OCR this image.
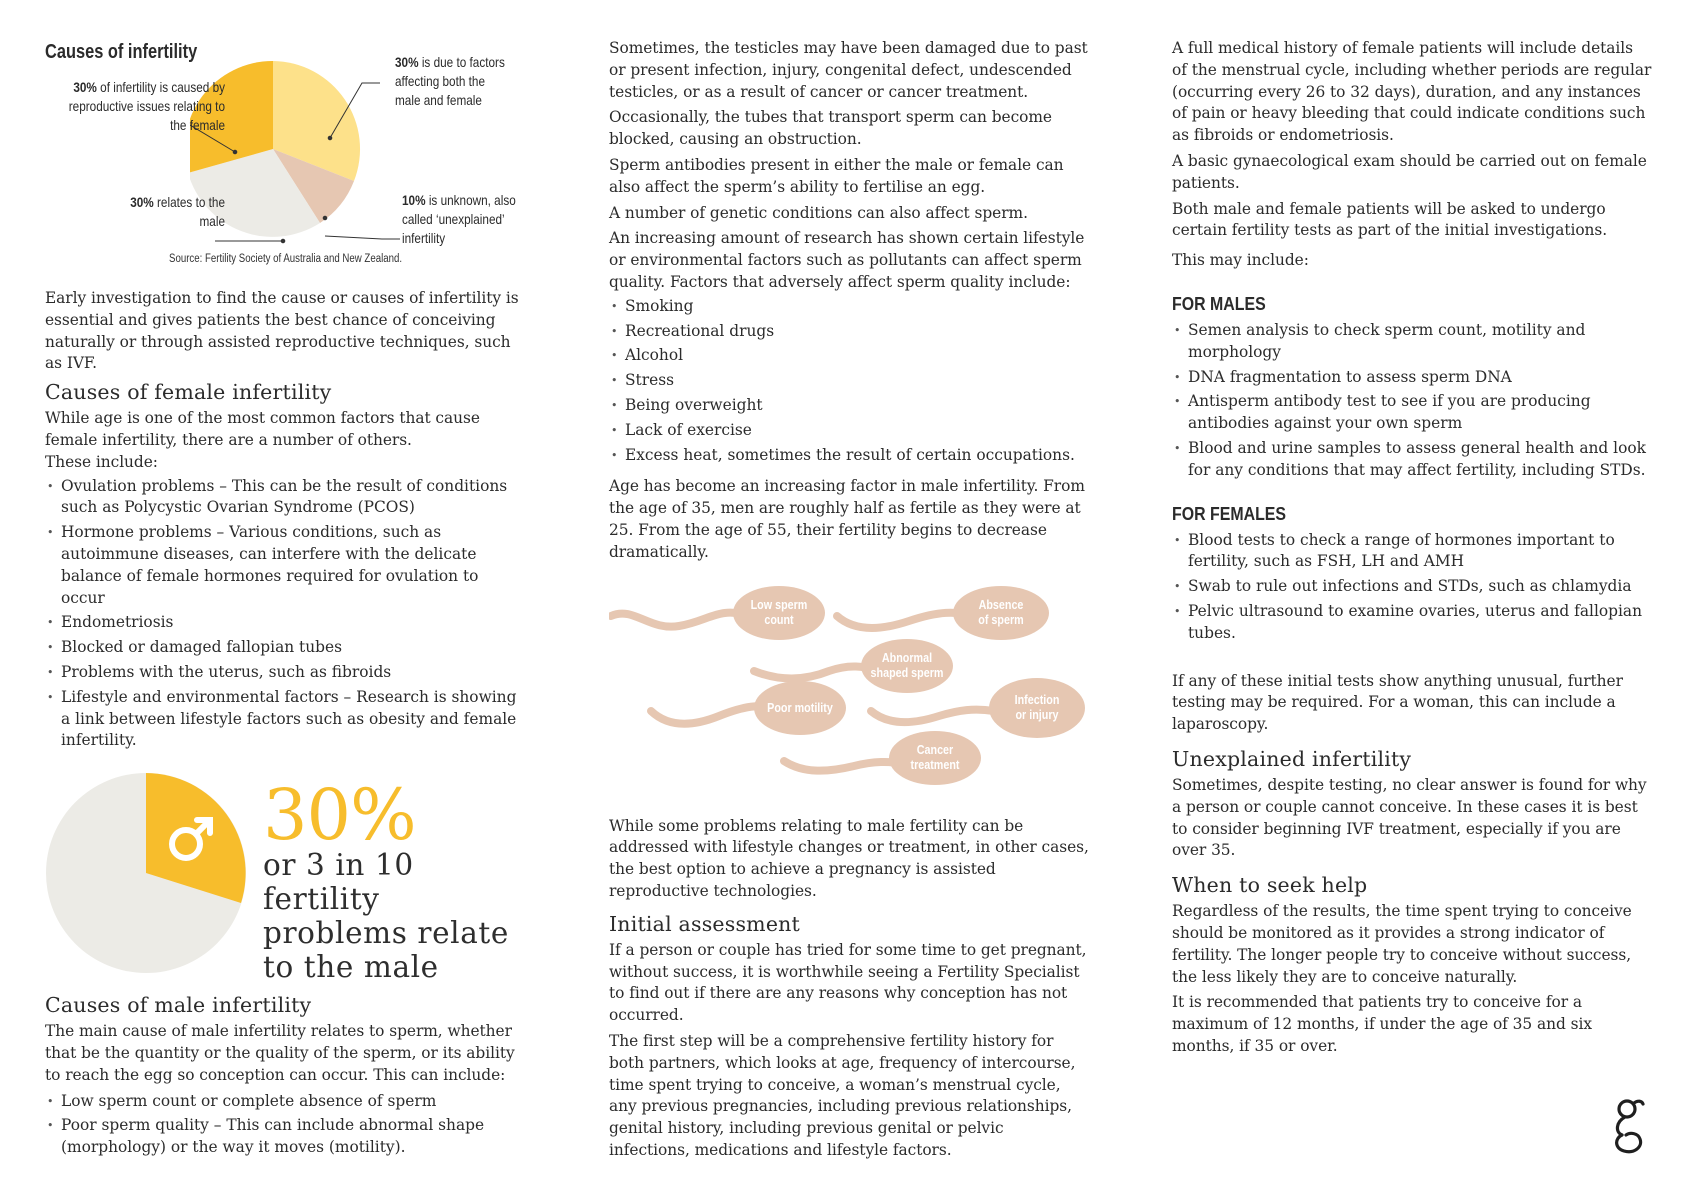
Causes of infertility
30% of infertility is caused by reproductive issues relating to the female
30% is due to factors affecting both the male and female
30% relates to the male
10% is unknown, also called ‘unexplained’ infertility
Source: Fertility Society of Australia and New Zealand.

Early investigation to find the cause or causes of infertility is essential and gives patients the best chance of conceiving naturally or through assisted reproductive techniques, such as IVF.

Causes of female infertility

While age is one of the most common factors that cause female infertility, there are a number of others.

These include:

• Ovulation problems – This can be the result of conditions such as Polycystic Ovarian Syndrome (PCOS)
• Hormone problems – Various conditions, such as autoimmune diseases, can interfere with the delicate balance of female hormones required for ovulation to occur
• Endometriosis
• Blocked or damaged fallopian tubes
• Problems with the uterus, such as fibroids
• Lifestyle and environmental factors – Research is showing a link between lifestyle factors such as obesity and female infertility.
30%
or 3 in 10 fertility
problems relate
to the male
Causes of male infertility

The main cause of male infertility relates to sperm, whether that be the quantity or the quality of the sperm, or its ability to reach the egg so conception can occur. This can include:

• Low sperm count or complete absence of sperm
• Poor sperm quality – This can include abnormal shape (morphology) or the way it moves (motility).

Sometimes, the testicles may have been damaged due to past or present infection, injury, congenital defect, undescended testicles, or as a result of cancer or cancer treatment.

Occasionally, the tubes that transport sperm can become blocked, causing an obstruction.

Sperm antibodies present in either the male or female can also affect the sperm’s ability to fertilise an egg.

A number of genetic conditions can also affect sperm.

An increasing amount of research has shown certain lifestyle or environmental factors such as pollutants can affect sperm quality. Factors that adversely affect sperm quality include:

• Smoking
• Recreational drugs
• Alcohol
• Stress
• Being overweight
• Lack of exercise
• Excess heat, sometimes the result of certain occupations.

Age has become an increasing factor in male infertility. From the age of 35, men are roughly half as fertile as they were at 25. From the age of 55, their fertility begins to decrease dramatically.

Low sperm
count
Absence
of sperm
Abnormal
shaped sperm
Poor motility
Infection
or injury
Cancer
treatment

While some problems relating to male fertility can be addressed with lifestyle changes or treatment, in other cases, the best option to achieve a pregnancy is assisted reproductive technologies.

Initial assessment

If a person or couple has tried for some time to get pregnant, without success, it is worthwhile seeing a Fertility Specialist to find out if there are any reasons why conception has not occurred.

The first step will be a comprehensive fertility history for both partners, which looks at age, frequency of intercourse, time spent trying to conceive, a woman’s menstrual cycle, any previous pregnancies, including previous relationships, genital history, including previous genital or pelvic infections, medications and lifestyle factors.

A full medical history of female patients will include details of the menstrual cycle, including whether periods are regular (occurring every 26 to 32 days), duration, and any instances of pain or heavy bleeding that could indicate conditions such as fibroids or endometriosis.

A basic gynaecological exam should be carried out on female patients.

Both male and female patients will be asked to undergo certain fertility tests as part of the initial investigations.

This may include:

FOR MALES
• Semen analysis to check sperm count, motility and morphology
• DNA fragmentation to assess sperm DNA
• Antisperm antibody test to see if you are producing antibodies against your own sperm
• Blood and urine samples to assess general health and look for any conditions that may affect fertility, including STDs.
FOR FEMALES
• Blood tests to check a range of hormones important to fertility, such as FSH, LH and AMH
• Swab to rule out infections and STDs, such as chlamydia
• Pelvic ultrasound to examine ovaries, uterus and fallopian tubes.

If any of these initial tests show anything unusual, further testing may be required. For a woman, this can include a laparoscopy.

Unexplained infertility

Sometimes, despite testing, no clear answer is found for why a person or couple cannot conceive. In these cases it is best to consider beginning IVF treatment, especially if you are over 35.

When to seek help

Regardless of the results, the time spent trying to conceive should be monitored as it provides a strong indicator of fertility. The longer people try to conceive without success, the less likely they are to conceive naturally.

It is recommended that patients try to conceive for a maximum of 12 months, if under the age of 35 and six months, if 35 or over.
